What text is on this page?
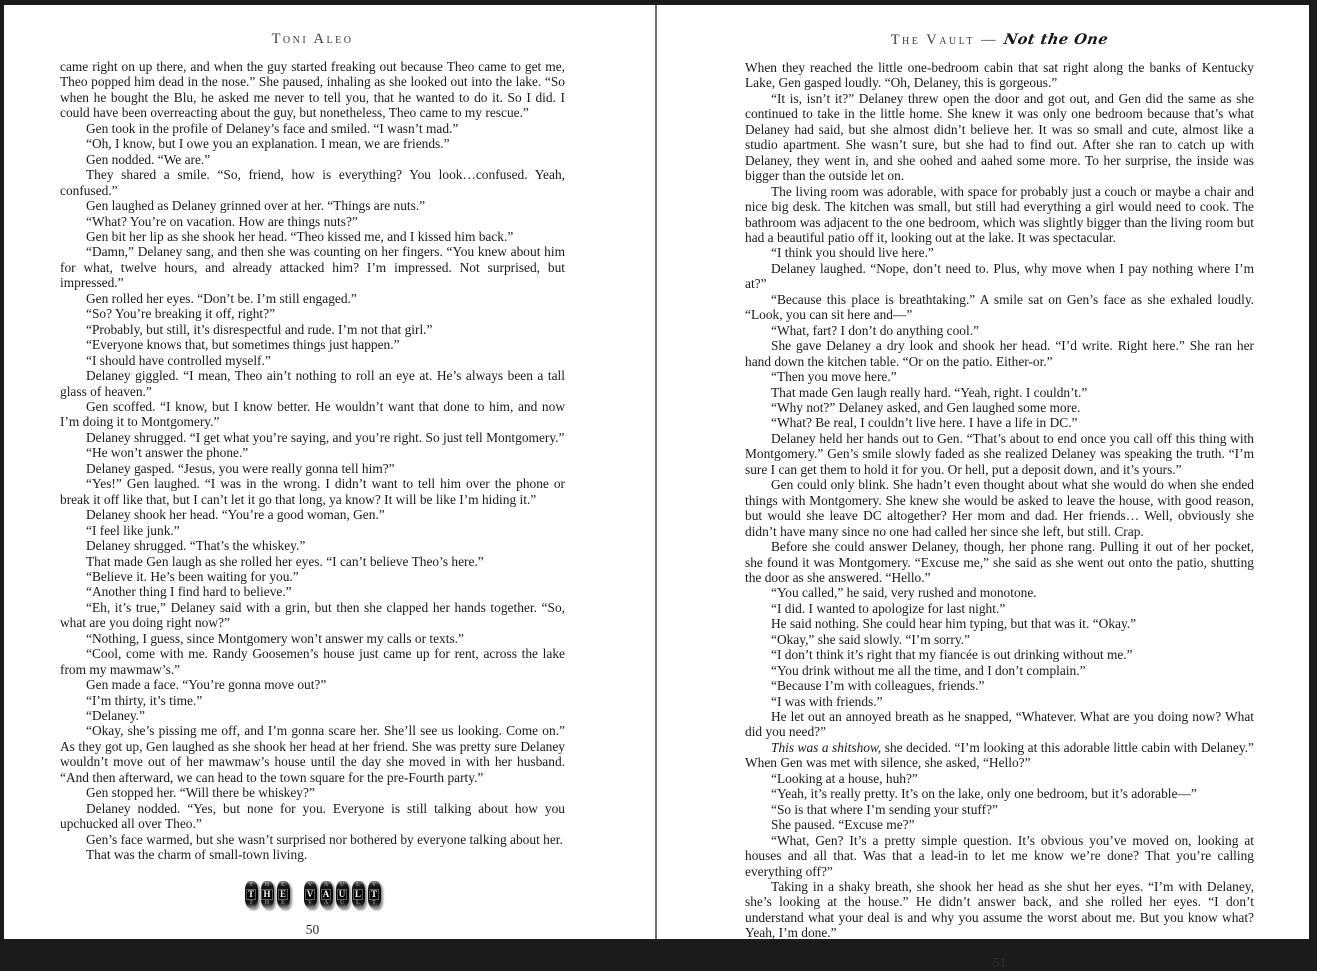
Toni Aleo

came right on up there, and when the guy started freaking out because Theo came to get me, Theo popped him dead in the nose.” She paused, inhaling as she looked out into the lake. “So when he bought the Blu, he asked me never to tell you, that he wanted to do it. So I did. I could have been overreacting about the guy, but nonetheless, Theo came to my rescue.”

Gen took in the profile of Delaney’s face and smiled. “I wasn’t mad.”

“Oh, I know, but I owe you an explanation. I mean, we are friends.”

Gen nodded. “We are.”

They shared a smile. “So, friend, how is everything? You look…confused. Yeah, confused.”

Gen laughed as Delaney grinned over at her. “Things are nuts.”

“What? You’re on vacation. How are things nuts?”

Gen bit her lip as she shook her head. “Theo kissed me, and I kissed him back.”

“Damn,” Delaney sang, and then she was counting on her fingers. “You knew about him for what, twelve hours, and already attacked him? I’m impressed. Not surprised, but impressed.”

Gen rolled her eyes. “Don’t be. I’m still engaged.”

“So? You’re breaking it off, right?”

“Probably, but still, it’s disrespectful and rude. I’m not that girl.”

“Everyone knows that, but sometimes things just happen.”

“I should have controlled myself.”

Delaney giggled. “I mean, Theo ain’t nothing to roll an eye at. He’s always been a tall glass of heaven.”

Gen scoffed. “I know, but I know better. He wouldn’t want that done to him, and now I’m doing it to Montgomery.”

Delaney shrugged. “I get what you’re saying, and you’re right. So just tell Montgomery.”

“He won’t answer the phone.”

Delaney gasped. “Jesus, you were really gonna tell him?”

“Yes!” Gen laughed. “I was in the wrong. I didn’t want to tell him over the phone or break it off like that, but I can’t let it go that long, ya know? It will be like I’m hiding it.”

Delaney shook her head. “You’re a good woman, Gen.”

“I feel like junk.”

Delaney shrugged. “That’s the whiskey.”

That made Gen laugh as she rolled her eyes. “I can’t believe Theo’s here.”

“Believe it. He’s been waiting for you.”

“Another thing I find hard to believe.”

“Eh, it’s true,” Delaney said with a grin, but then she clapped her hands together. “So, what are you doing right now?”

“Nothing, I guess, since Montgomery won’t answer my calls or texts.”

“Cool, come with me. Randy Goosemen’s house just came up for rent, across the lake from my mawmaw’s.”

Gen made a face. “You’re gonna move out?”

“I’m thirty, it’s time.”

“Delaney.”

“Okay, she’s pissing me off, and I’m gonna scare her. She’ll see us looking. Come on.” As they got up, Gen laughed as she shook her head at her friend. She was pretty sure Delaney wouldn’t move out of her mawmaw’s house until the day she moved in with her husband. “And then afterward, we can head to the town square for the pre-Fourth party.”

Gen stopped her. “Will there be whiskey?”

Delaney nodded. “Yes, but none for you. Everyone is still talking about how you upchucked all over Theo.”

Gen’s face warmed, but she wasn’t surprised nor bothered by everyone talking about her.

That was the charm of small-town living.

T
T
T
H
H
H
E
E
E
V
V
V
A
A
A
U
U
U
L
L
L
T
T
T
50
The Vault — Not the One

When they reached the little one-bedroom cabin that sat right along the banks of Kentucky Lake, Gen gasped loudly. “Oh, Delaney, this is gorgeous.”

“It is, isn’t it?” Delaney threw open the door and got out, and Gen did the same as she continued to take in the little home. She knew it was only one bedroom because that’s what Delaney had said, but she almost didn’t believe her. It was so small and cute, almost like a studio apartment. She wasn’t sure, but she had to find out. After she ran to catch up with Delaney, they went in, and she oohed and aahed some more. To her surprise, the inside was bigger than the outside let on.

The living room was adorable, with space for probably just a couch or maybe a chair and nice big desk. The kitchen was small, but still had everything a girl would need to cook. The bathroom was adjacent to the one bedroom, which was slightly bigger than the living room but had a beautiful patio off it, looking out at the lake. It was spectacular.

“I think you should live here.”

Delaney laughed. “Nope, don’t need to. Plus, why move when I pay nothing where I’m at?”

“Because this place is breathtaking.” A smile sat on Gen’s face as she exhaled loudly. “Look, you can sit here and—”

“What, fart? I don’t do anything cool.”

She gave Delaney a dry look and shook her head. “I’d write. Right here.” She ran her hand down the kitchen table. “Or on the patio. Either-or.”

“Then you move here.”

That made Gen laugh really hard. “Yeah, right. I couldn’t.”

“Why not?” Delaney asked, and Gen laughed some more.

“What? Be real, I couldn’t live here. I have a life in DC.”

Delaney held her hands out to Gen. “That’s about to end once you call off this thing with Montgomery.” Gen’s smile slowly faded as she realized Delaney was speaking the truth. “I’m sure I can get them to hold it for you. Or hell, put a deposit down, and it’s yours.”

Gen could only blink. She hadn’t even thought about what she would do when she ended things with Montgomery. She knew she would be asked to leave the house, with good reason, but would she leave DC altogether? Her mom and dad. Her friends… Well, obviously she didn’t have many since no one had called her since she left, but still. Crap.

Before she could answer Delaney, though, her phone rang. Pulling it out of her pocket, she found it was Montgomery. “Excuse me,” she said as she went out onto the patio, shutting the door as she answered. “Hello.”

“You called,” he said, very rushed and monotone.

“I did. I wanted to apologize for last night.”

He said nothing. She could hear him typing, but that was it. “Okay.”

“Okay,” she said slowly. “I’m sorry.”

“I don’t think it’s right that my fiancée is out drinking without me.”

“You drink without me all the time, and I don’t complain.”

“Because I’m with colleagues, friends.”

“I was with friends.”

He let out an annoyed breath as he snapped, “Whatever. What are you doing now? What did you need?”

This was a shitshow, she decided. “I’m looking at this adorable little cabin with Delaney.” When Gen was met with silence, she asked, “Hello?”

“Looking at a house, huh?”

“Yeah, it’s really pretty. It’s on the lake, only one bedroom, but it’s adorable—”

“So is that where I’m sending your stuff?”

She paused. “Excuse me?”

“What, Gen? It’s a pretty simple question. It’s obvious you’ve moved on, looking at houses and all that. Was that a lead-in to let me know we’re done? That you’re calling everything off?”

Taking in a shaky breath, she shook her head as she shut her eyes. “I’m with Delaney, she’s looking at the house.” He didn’t answer back, and she rolled her eyes. “I don’t understand what your deal is and why you assume the worst about me. But you know what? Yeah, I’m done.”

51
